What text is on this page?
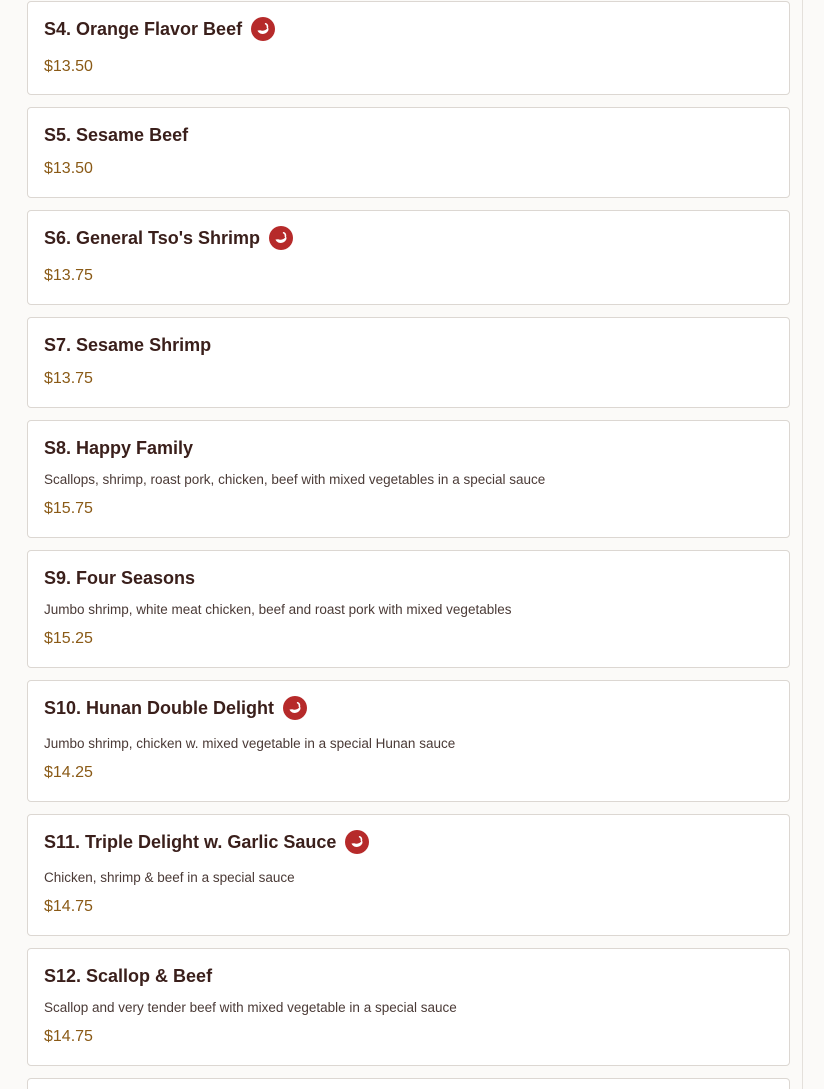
S4. Orange Flavor Beef
$13.50
S5. Sesame Beef
$13.50
S6. General Tso's Shrimp
$13.75
S7. Sesame Shrimp
$13.75
S8. Happy Family
Scallops, shrimp, roast pork, chicken, beef with mixed vegetables in a special sauce
$15.75
S9. Four Seasons
Jumbo shrimp, white meat chicken, beef and roast pork with mixed vegetables
$15.25
S10. Hunan Double Delight
Jumbo shrimp, chicken w. mixed vegetable in a special Hunan sauce
$14.25
S11. Triple Delight w. Garlic Sauce
Chicken, shrimp & beef in a special sauce
$14.75
S12. Scallop & Beef
Scallop and very tender beef with mixed vegetable in a special sauce
$14.75
